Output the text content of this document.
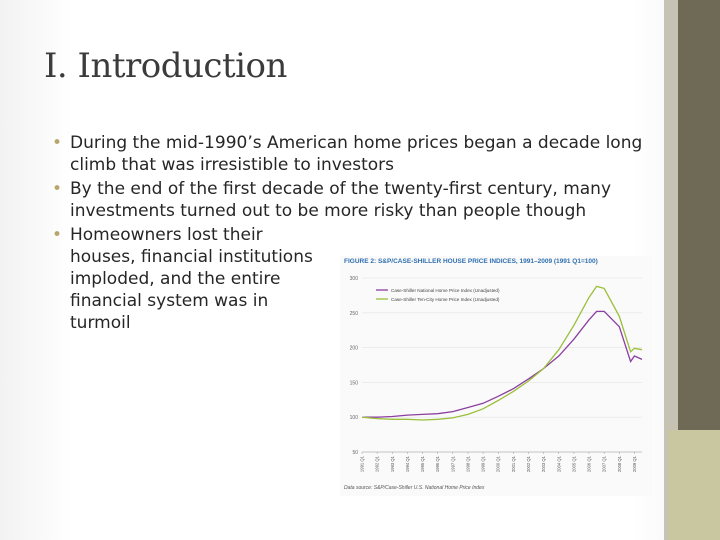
I. Introduction
• During the mid-1990’s American home prices began a decade long climb that was irresistible to investors
• By the end of the first decade of the twenty-first century, many investments turned out to be more risky than people though
• Homeowners lost their houses, financial institutions imploded, and the entire financial system was in turmoil
FIGURE 2: S&P/CASE-SHILLER HOUSE PRICE INDICES, 1991–2009 (1991 Q1=100)
50
100
150
200
250
300
1991 Q1 1992 Q1 1993 Q1 1994 Q1 1995 Q1 1996 Q1 1997 Q1 1998 Q1 1999 Q1 2000 Q1 2001 Q1 2002 Q1 2003 Q1 2004 Q1 2005 Q1 2006 Q1 2007 Q1 2008 Q1 2009 Q1
Case-Shiller National Home Price Index (Unadjusted)
Case-Shiller Ten-City Home Price Index (Unadjusted)
Data source: S&P/Case-Shiller U.S. National Home Price Index
